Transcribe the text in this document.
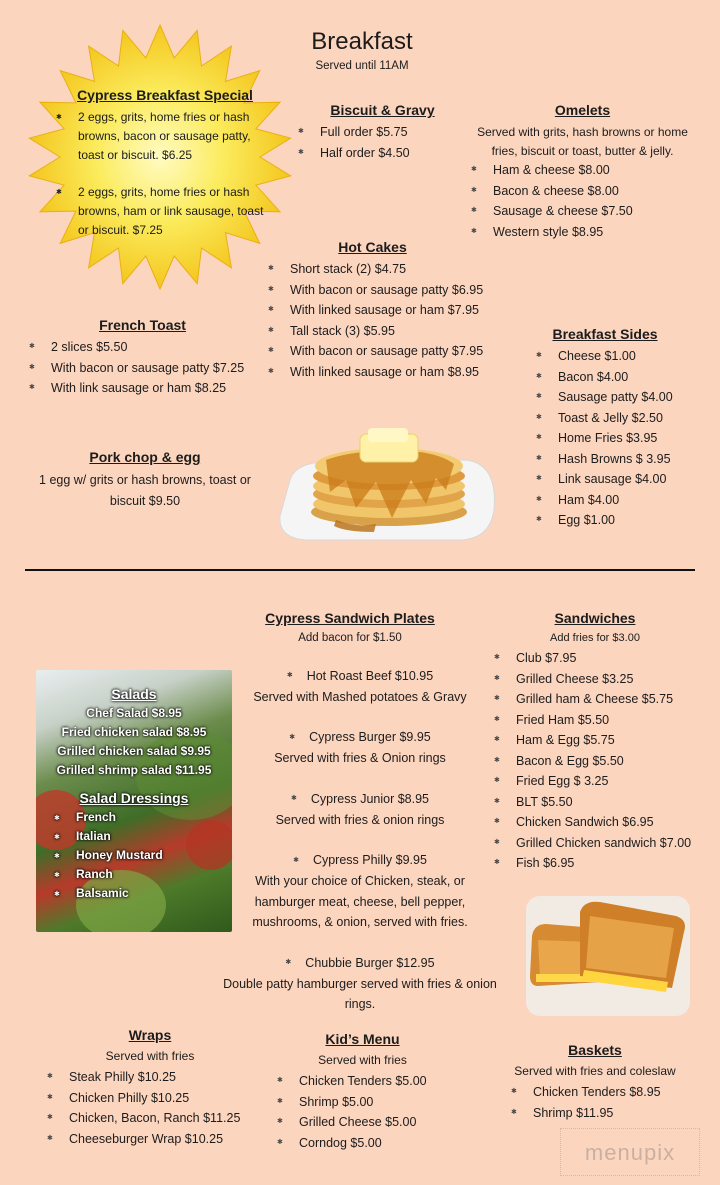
Breakfast
Served until 11AM
Cypress Breakfast Special
✱ 2 eggs, grits, home fries or hash
browns, bacon or sausage patty,
toast or biscuit. $6.25
✱ 2 eggs, grits, home fries or hash
browns, ham or link sausage, toast
or biscuit. $7.25
Biscuit & Gravy
✱ Full order $5.75
✱ Half order $4.50
Omelets
Served with grits, hash browns or home
fries, biscuit or toast, butter & jelly.
✱ Ham & cheese $8.00
✱ Bacon & cheese $8.00
✱ Sausage & cheese $7.50
✱ Western style $8.95
Hot Cakes
✱ Short stack (2) $4.75
✱ With bacon or sausage patty $6.95
✱ With linked sausage or ham $7.95
✱ Tall stack (3) $5.95
✱ With bacon or sausage patty $7.95
✱ With linked sausage or ham $8.95
French Toast
✱ 2 slices $5.50
✱ With bacon or sausage patty $7.25
✱ With link sausage or ham $8.25
Breakfast Sides
✱ Cheese $1.00
✱ Bacon $4.00
✱ Sausage patty $4.00
✱ Toast & Jelly $2.50
✱ Home Fries $3.95
✱ Hash Browns $ 3.95
✱ Link sausage $4.00
✱ Ham $4.00
✱ Egg $1.00
Pork chop & egg
1 egg w/ grits or hash browns, toast or
biscuit $9.50
Cypress Sandwich Plates
Add bacon for $1.50
✱ Hot Roast Beef $10.95
Served with Mashed potatoes & Gravy
✱ Cypress Burger $9.95
Served with fries & Onion rings
✱ Cypress Junior $8.95
Served with fries & onion rings
✱ Cypress Philly $9.95
With your choice of Chicken, steak, or
hamburger meat, cheese, bell pepper,
mushrooms, & onion, served with fries.
✱ Chubbie Burger $12.95
Double patty hamburger served with fries & onion
rings.
Sandwiches
Add fries for $3.00
✱ Club $7.95
✱ Grilled Cheese $3.25
✱ Grilled ham & Cheese $5.75
✱ Fried Ham $5.50
✱ Ham & Egg $5.75
✱ Bacon & Egg $5.50
✱ Fried Egg $ 3.25
✱ BLT $5.50
✱ Chicken Sandwich $6.95
✱ Grilled Chicken sandwich $7.00
✱ Fish $6.95
Salads
Chef Salad $8.95
Fried chicken salad $8.95
Grilled chicken salad $9.95
Grilled shrimp salad $11.95
Salad Dressings
✱ French
✱ Italian
✱ Honey Mustard
✱ Ranch
✱ Balsamic
Wraps
Served with fries
✱ Steak Philly $10.25
✱ Chicken Philly $10.25
✱ Chicken, Bacon, Ranch $11.25
✱ Cheeseburger Wrap $10.25
Kid’s Menu
Served with fries
✱ Chicken Tenders $5.00
✱ Shrimp $5.00
✱ Grilled Cheese $5.00
✱ Corndog $5.00
Baskets
Served with fries and coleslaw
✱ Chicken Tenders $8.95
✱ Shrimp $11.95
menupix
